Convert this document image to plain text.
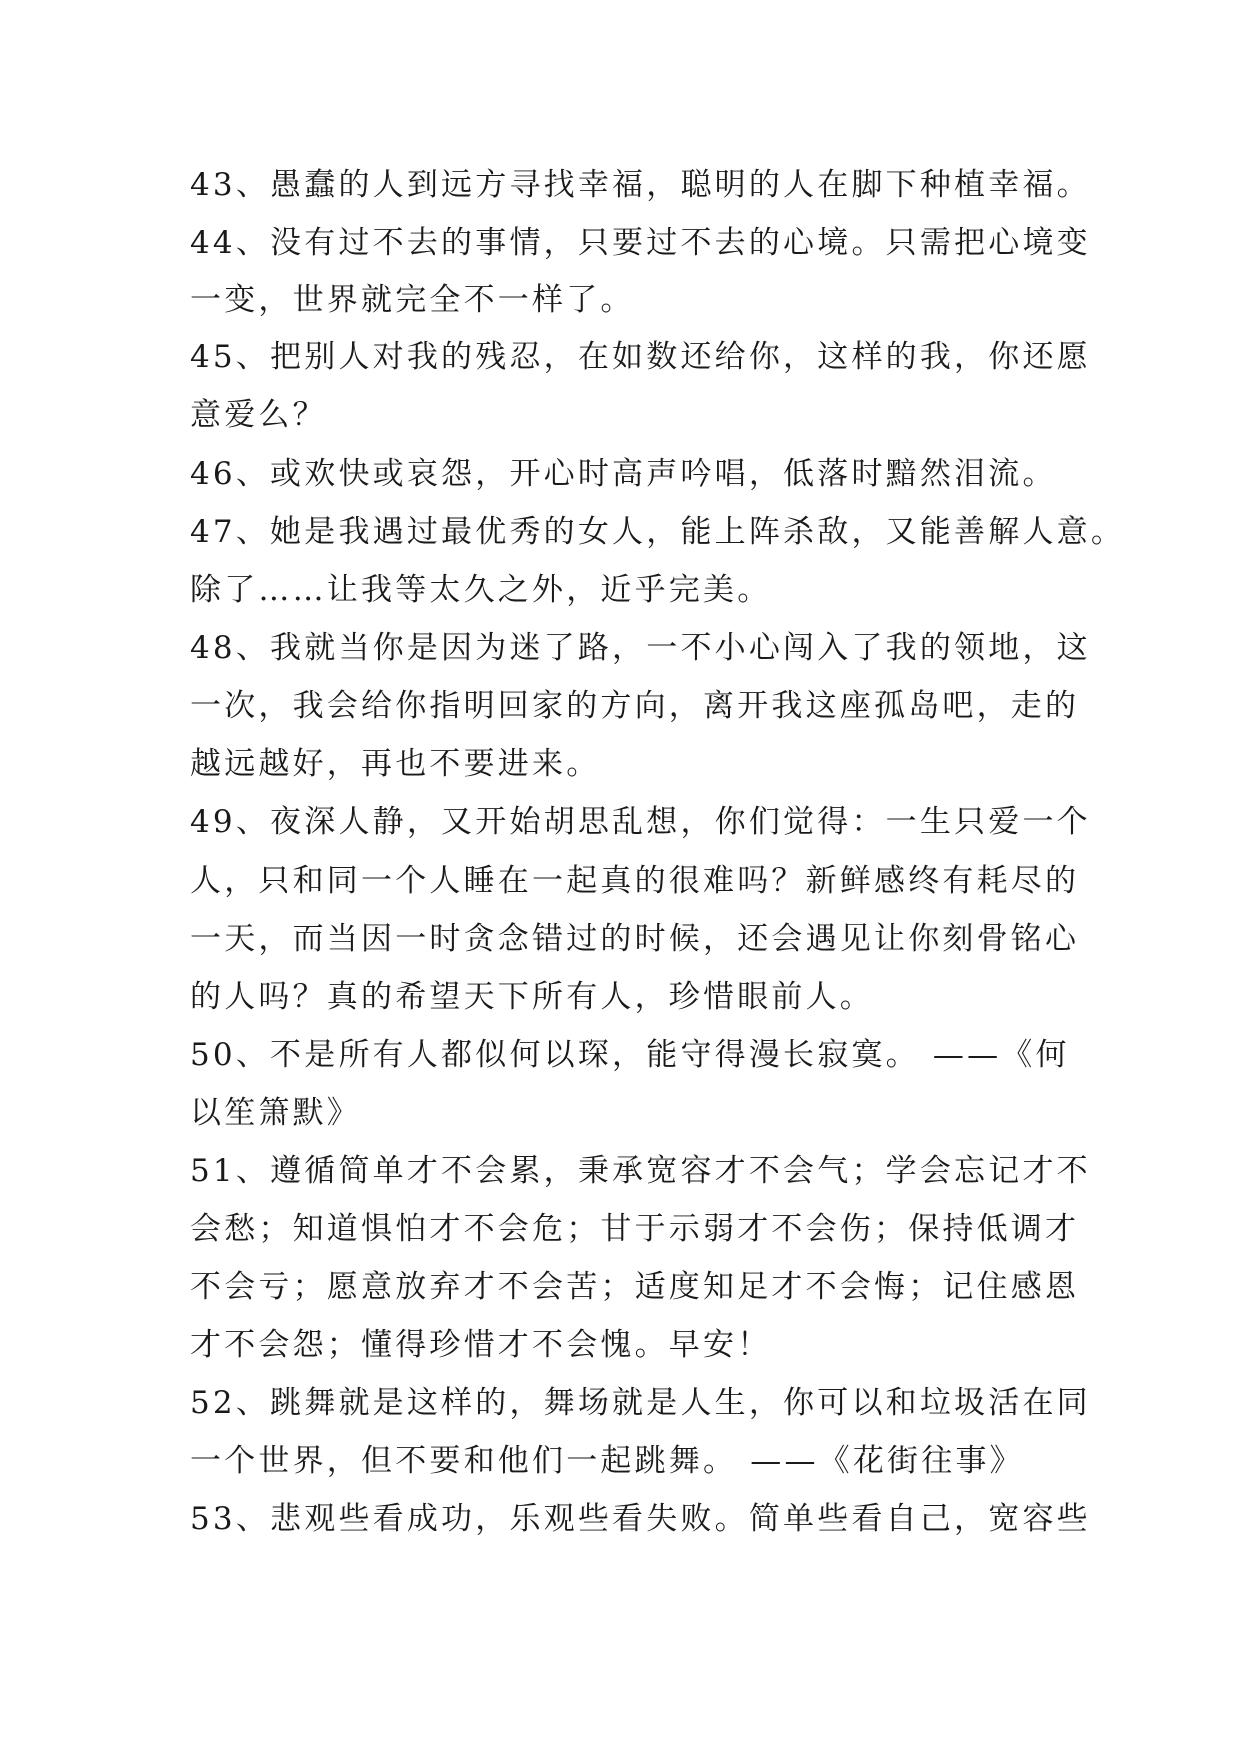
43、愚蠢的人到远方寻找幸福，聪明的人在脚下种植幸福。
44、没有过不去的事情，只要过不去的心境。只需把心境变
一变，世界就完全不一样了。
45、把别人对我的残忍，在如数还给你，这样的我，你还愿
意爱么？
46、或欢快或哀怨，开心时高声吟唱，低落时黯然泪流。
47、她是我遇过最优秀的女人，能上阵杀敌，又能善解人意。
除了……让我等太久之外，近乎完美。
48、我就当你是因为迷了路，一不小心闯入了我的领地，这
一次，我会给你指明回家的方向，离开我这座孤岛吧，走的
越远越好，再也不要进来。
49、夜深人静，又开始胡思乱想，你们觉得：一生只爱一个
人，只和同一个人睡在一起真的很难吗？新鲜感终有耗尽的
一天，而当因一时贪念错过的时候，还会遇见让你刻骨铭心
的人吗？真的希望天下所有人，珍惜眼前人。
50、不是所有人都似何以琛，能守得漫长寂寞。 ——《何
以笙箫默》
51、遵循简单才不会累，秉承宽容才不会气；学会忘记才不
会愁；知道惧怕才不会危；甘于示弱才不会伤；保持低调才
不会亏；愿意放弃才不会苦；适度知足才不会悔；记住感恩
才不会怨；懂得珍惜才不会愧。早安！
52、跳舞就是这样的，舞场就是人生，你可以和垃圾活在同
一个世界，但不要和他们一起跳舞。 ——《花街往事》
53、悲观些看成功，乐观些看失败。简单些看自己，宽容些
